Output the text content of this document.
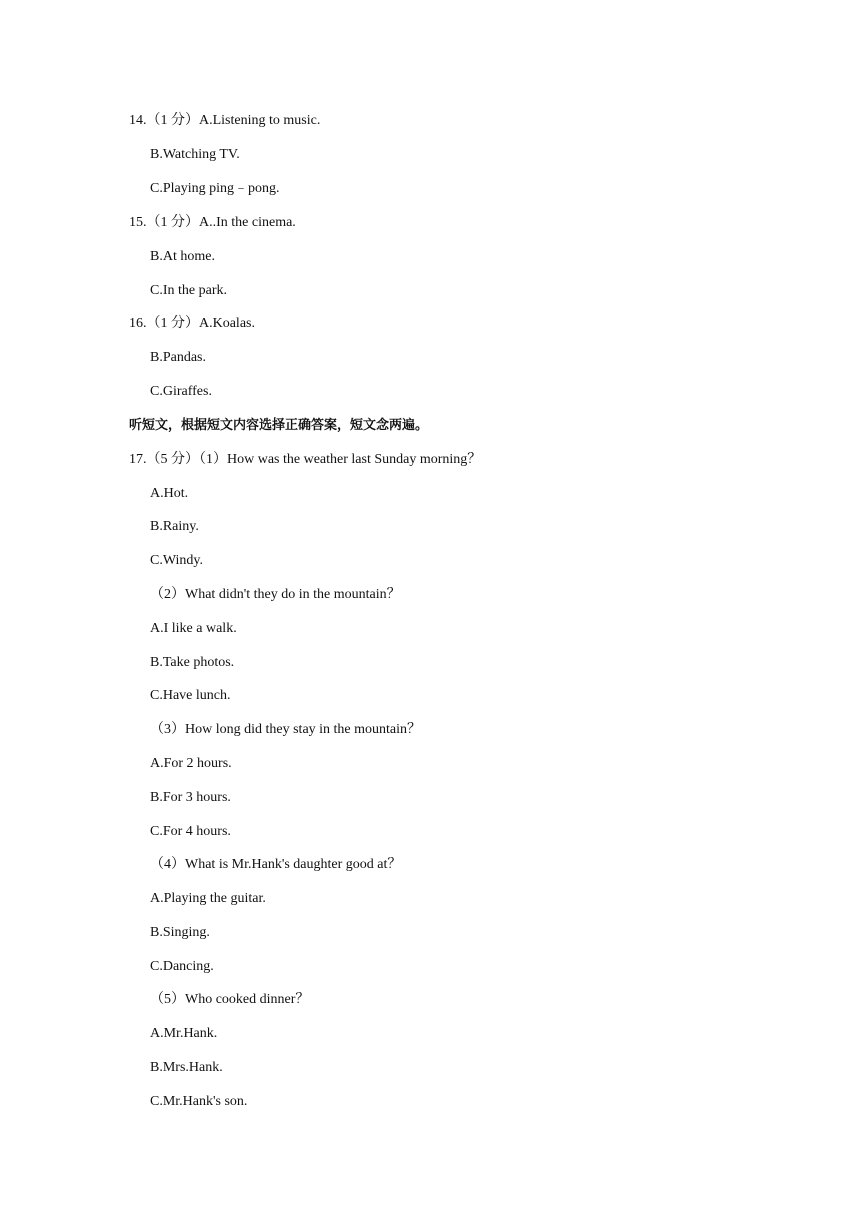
14.（1 分）A.Listening to music.
B.Watching TV.
C.Playing ping﹣pong.
15.（1 分）A..In the cinema.
B.At home.
C.In the park.
16.（1 分）A.Koalas.
B.Pandas.
C.Giraffes.
听短文，根据短文内容选择正确答案，短文念两遍。
17.（5 分）（1）How was the weather last Sunday morning？
A.Hot.
B.Rainy.
C.Windy.
（2）What didn't they do in the mountain？
A.I like a walk.
B.Take photos.
C.Have lunch.
（3）How long did they stay in the mountain？
A.For 2 hours.
B.For 3 hours.
C.For 4 hours.
（4）What is Mr.Hank's daughter good at？
A.Playing the guitar.
B.Singing.
C.Dancing.
（5）Who cooked dinner？
A.Mr.Hank.
B.Mrs.Hank.
C.Mr.Hank's son.
